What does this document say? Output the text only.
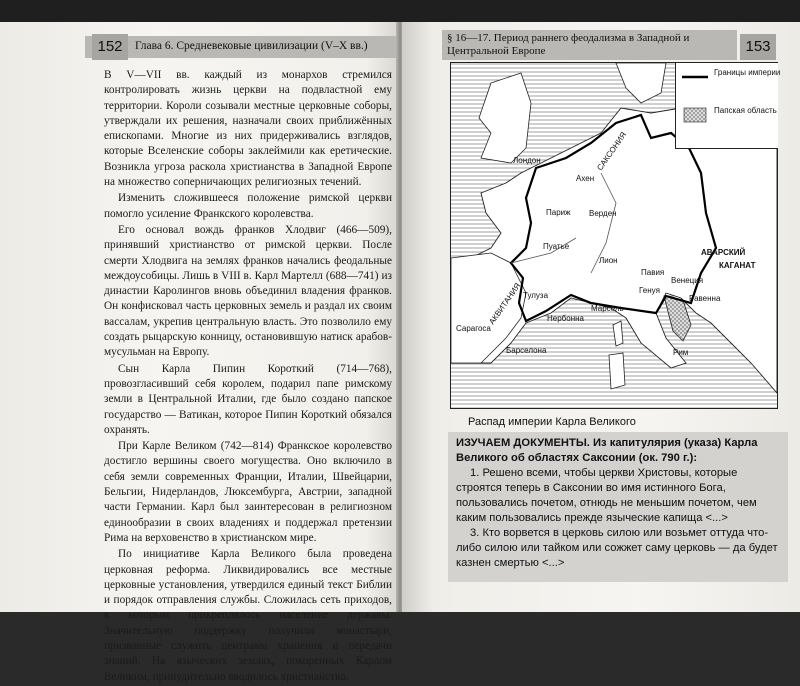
152	Глава 6. Средневековые цивилизации (V–X вв.)

В V—VII вв. каждый из монархов стремился контролировать жизнь церкви на подвластной ему территории. Короли созывали местные церковные соборы, утверждали их решения, назначали своих приближённых епископами. Многие из них придерживались взглядов, которые Вселенские соборы заклеймили как еретические. Возникла угроза раскола христианства в Западной Европе на множество соперничающих религиозных течений.

Изменить сложившееся положение римской церкви помогло усиление Франкского королевства.

Его основал вождь франков Хлодвиг (466—509), принявший христианство от римской церкви. После смерти Хлодвига на землях франков начались феодальные междоусобицы. Лишь в VIII в. Карл Мартелл (688—741) из династии Каролингов вновь объединил владения франков. Он конфисковал часть церковных земель и раздал их своим вассалам, укрепив центральную власть. Это позволило ему создать рыцарскую конницу, остановившую натиск арабов-мусульман на Европу.

Сын Карла Пипин Короткий (714—768), провозгласивший себя королем, подарил папе римскому земли в Центральной Италии, где было создано папское государство — Ватикан, которое Пипин Короткий обязался охранять.

При Карле Великом (742—814) Франкское королевство достигло вершины своего могущества. Оно включило в себя земли современных Франции, Италии, Швейцарии, Бельгии, Нидерландов, Люксембурга, Австрии, западной части Германии. Карл был заинтересован в религиозном единообразии в своих владениях и поддержал претензии Рима на верховенство в христианском мире.

По инициативе Карла Великого была проведена церковная реформа. Ликвидировались все местные церковные установления, утвердился единый текст Библии и порядок отправления службы. Сложилась сеть приходов, к которым прикреплялось население державы. Значительную поддержку получили монастыри, призванные служить центрами хранения и передачи знаний. На языческих землях, покоренных Карлом Великим, принудительно вводилось христианство.

§ 16—17. Период раннего феодализма в Западной и Центральной Европе	153
Лондон
Ахен
Верден
Париж
САКСОНИЯ
Пуатье
Лион
АКВИТАНИЯ Тулуза
Павия
Венеция
Генуя
Равенна
Марсель
Нербонна
Сарагоса
Барселона	Рим
АВАРСКИЙ
КАГАНАТ
Границы империи
Папская область
Распад империи Карла Великого
ИЗУЧАЕМ ДОКУМЕНТЫ. Из капитулярия (указа) Карла Великого об областях Саксонии (ок. 790 г.):

1. Решено всеми, чтобы церкви Христовы, которые строятся теперь в Саксонии во имя истинного Бога, пользовались почетом, отнюдь не меньшим почетом, чем каким пользовались прежде языческие капища <...>

3. Кто ворвется в церковь силою или возьмет оттуда что-либо силою или тайком или сожжет саму церковь — да будет казнен смертью <...>
